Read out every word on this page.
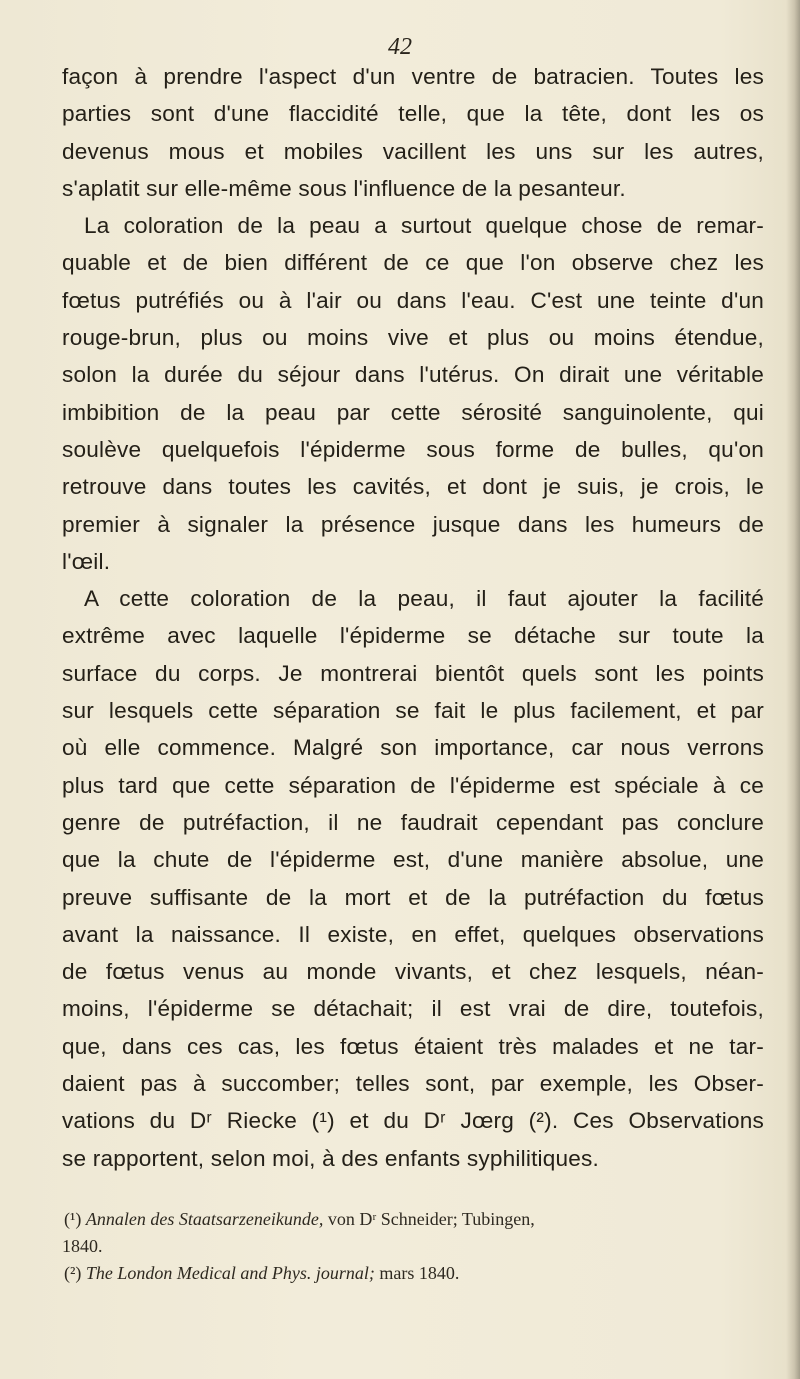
42
façon à prendre l'aspect d'un ventre de batracien. Toutes les
parties sont d'une flaccidité telle, que la tête, dont les os
devenus mous et mobiles vacillent les uns sur les autres,
s'aplatit sur elle-même sous l'influence de la pesanteur.
La coloration de la peau a surtout quelque chose de remar-
quable et de bien différent de ce que l'on observe chez les
fœtus putréfiés ou à l'air ou dans l'eau. C'est une teinte d'un
rouge-brun, plus ou moins vive et plus ou moins étendue,
solon la durée du séjour dans l'utérus. On dirait une véritable
imbibition de la peau par cette sérosité sanguinolente, qui
soulève quelquefois l'épiderme sous forme de bulles, qu'on
retrouve dans toutes les cavités, et dont je suis, je crois, le
premier à signaler la présence jusque dans les humeurs de
l'œil.
A cette coloration de la peau, il faut ajouter la facilité
extrême avec laquelle l'épiderme se détache sur toute la
surface du corps. Je montrerai bientôt quels sont les points
sur lesquels cette séparation se fait le plus facilement, et par
où elle commence. Malgré son importance, car nous verrons
plus tard que cette séparation de l'épiderme est spéciale à ce
genre de putréfaction, il ne faudrait cependant pas conclure
que la chute de l'épiderme est, d'une manière absolue, une
preuve suffisante de la mort et de la putréfaction du fœtus
avant la naissance. Il existe, en effet, quelques observations
de fœtus venus au monde vivants, et chez lesquels, néan-
moins, l'épiderme se détachait; il est vrai de dire, toutefois,
que, dans ces cas, les fœtus étaient très malades et ne tar-
daient pas à succomber; telles sont, par exemple, les Obser-
vations du Dʳ Riecke (¹) et du Dʳ Jœrg (²). Ces Observations
se rapportent, selon moi, à des enfants syphilitiques.
(¹) Annalen des Staatsarzeneikunde, von Dʳ Schneider; Tubingen,
1840.
(²) The London Medical and Phys. journal; mars 1840.
